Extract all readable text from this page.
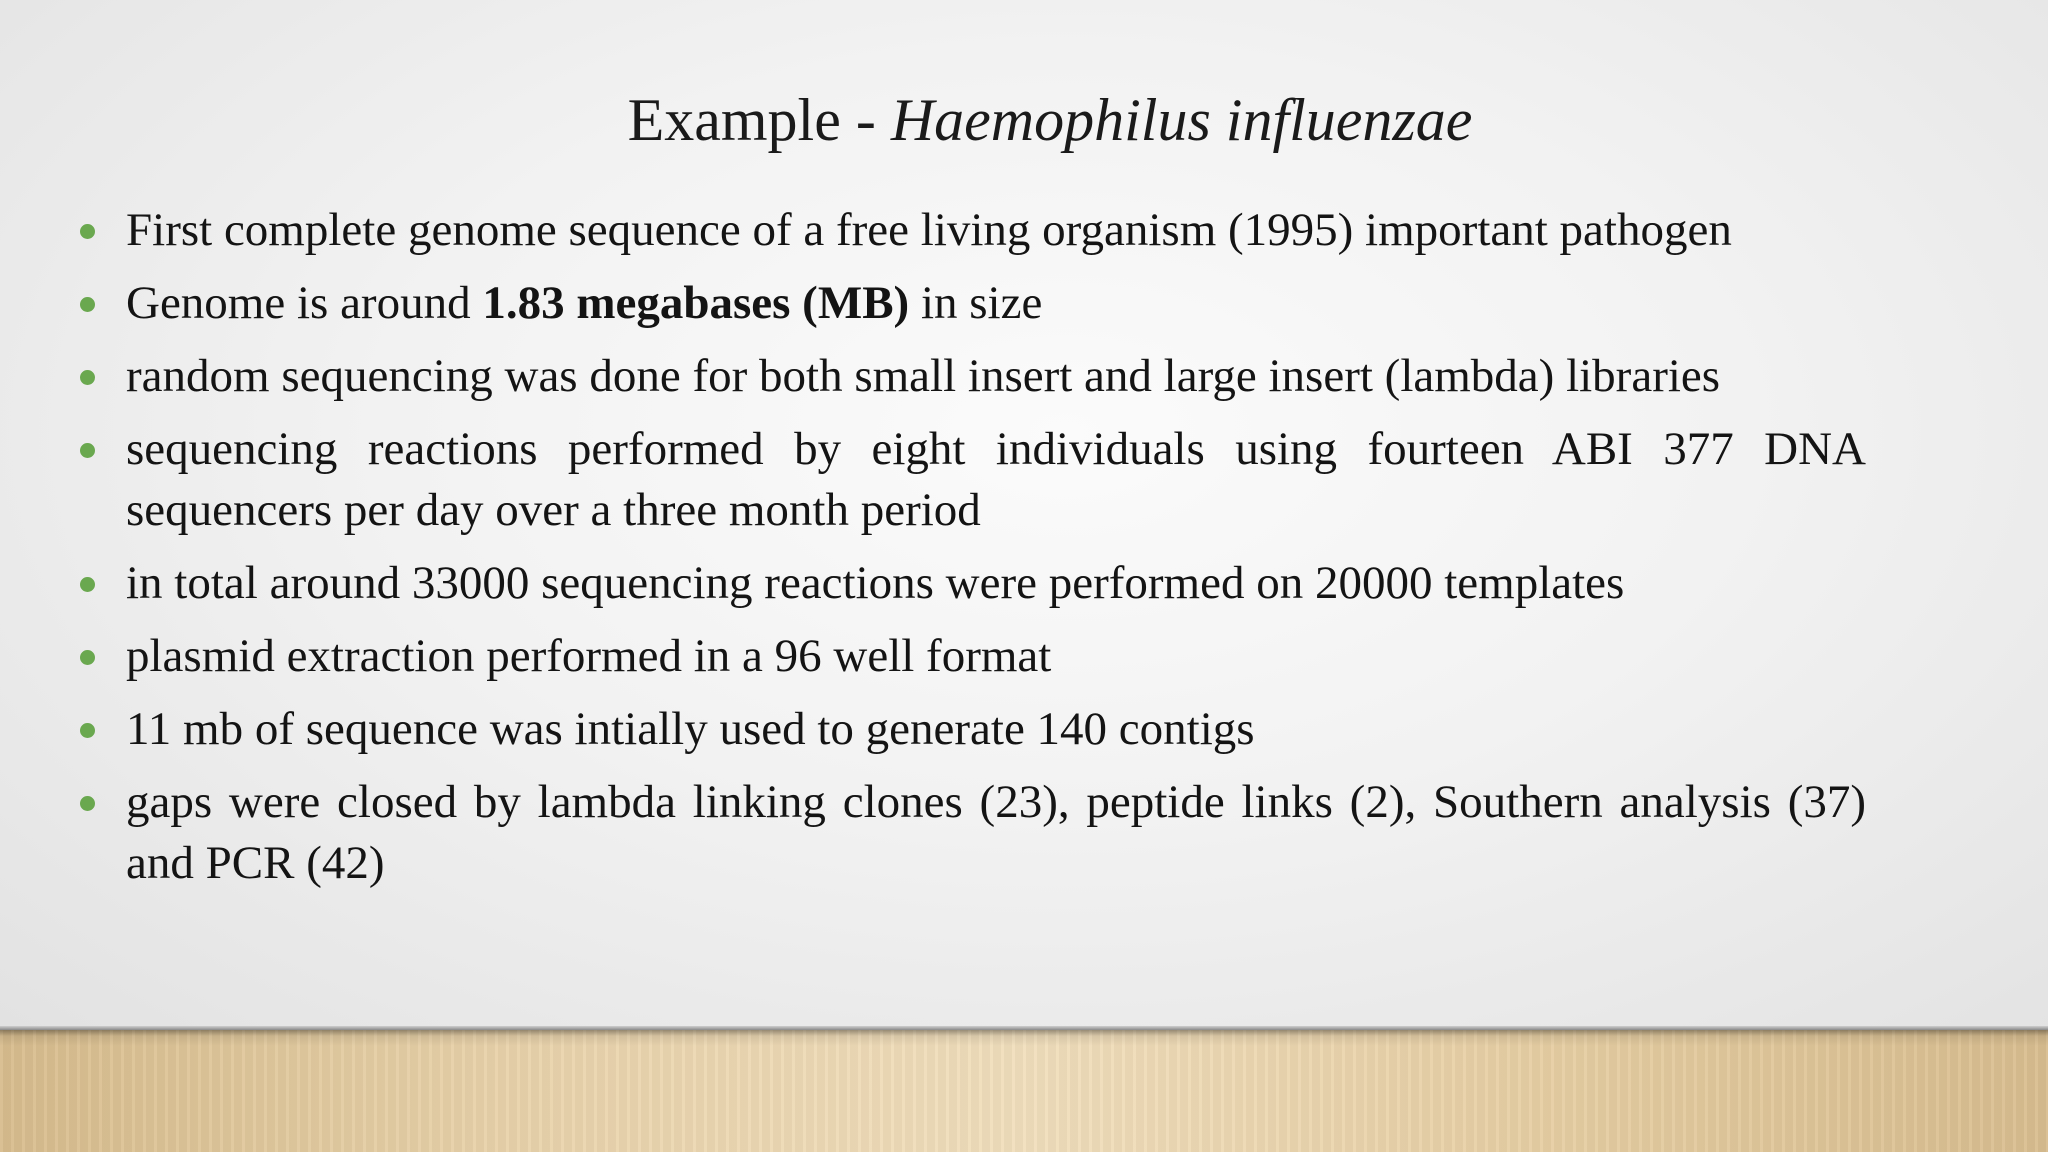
Example - Haemophilus influenzae
First complete genome sequence of a free living organism (1995) important pathogen
Genome is around 1.83 megabases (MB) in size
random sequencing was done for both small insert and large insert (lambda) libraries
sequencing reactions performed by eight individuals using fourteen ABI 377 DNA sequencers per day over a three month period
in total around 33000 sequencing reactions were performed on 20000 templates
plasmid extraction performed in a 96 well format
11 mb of sequence was intially used to generate 140 contigs
gaps were closed by lambda linking clones (23), peptide links (2), Southern analysis (37) and PCR (42)
